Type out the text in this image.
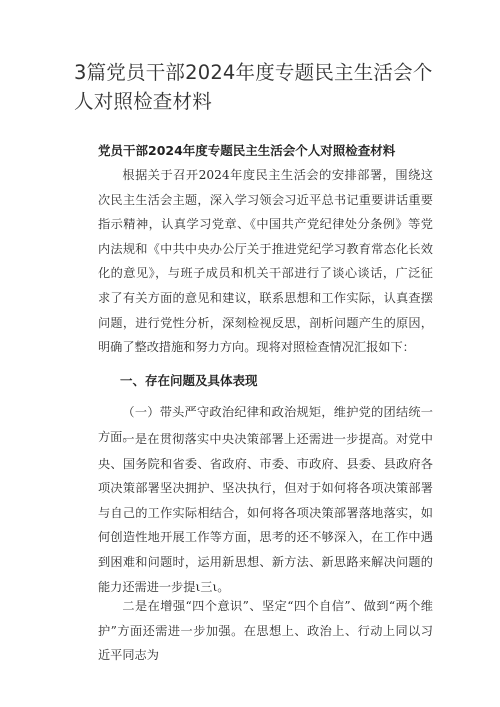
3篇党员干部2024年度专题民主生活会个人对照检查材料
党员干部2024年度专题民主生活会个人对照检查材料

根据关于召开2024年度民主生活会的安排部署，围绕这次民主生活会主题，深入学习领会习近平总书记重要讲话重要指示精神，认真学习党章、《中国共产党纪律处分条例》等党内法规和《中共中央办公厅关于推进党纪学习教育常态化长效化的意见》，与班子成员和机关干部进行了谈心谈话，广泛征求了有关方面的意见和建议，联系思想和工作实际，认真查摆问题，进行党性分析，深刻检视反思，剖析问题产生的原因，明确了整改措施和努力方向。现将对照检查情况汇报如下：

一、存在问题及具体表现

（一）带头严守政治纪律和政治规矩，维护党的团结统一方面。

一是在贯彻落实中央决策部署上还需进一步提高。对党中央、国务院和省委、省政府、市委、市政府、县委、县政府各项决策部署坚决拥护、坚决执行，但对于如何将各项决策部署与自己的工作实际相结合，如何将各项决策部署落地落实，如何创造性地开展工作等方面，思考的还不够深入，在工作中遇到困难和问题时，运用新思想、新方法、新思路来解决问题的能力还需进一步提ι三ι。

二是在增强“四个意识”、坚定“四个自信”、做到“两个维护”方面还需进一步加强。在思想上、政治上、行动上同以习近平同志为
